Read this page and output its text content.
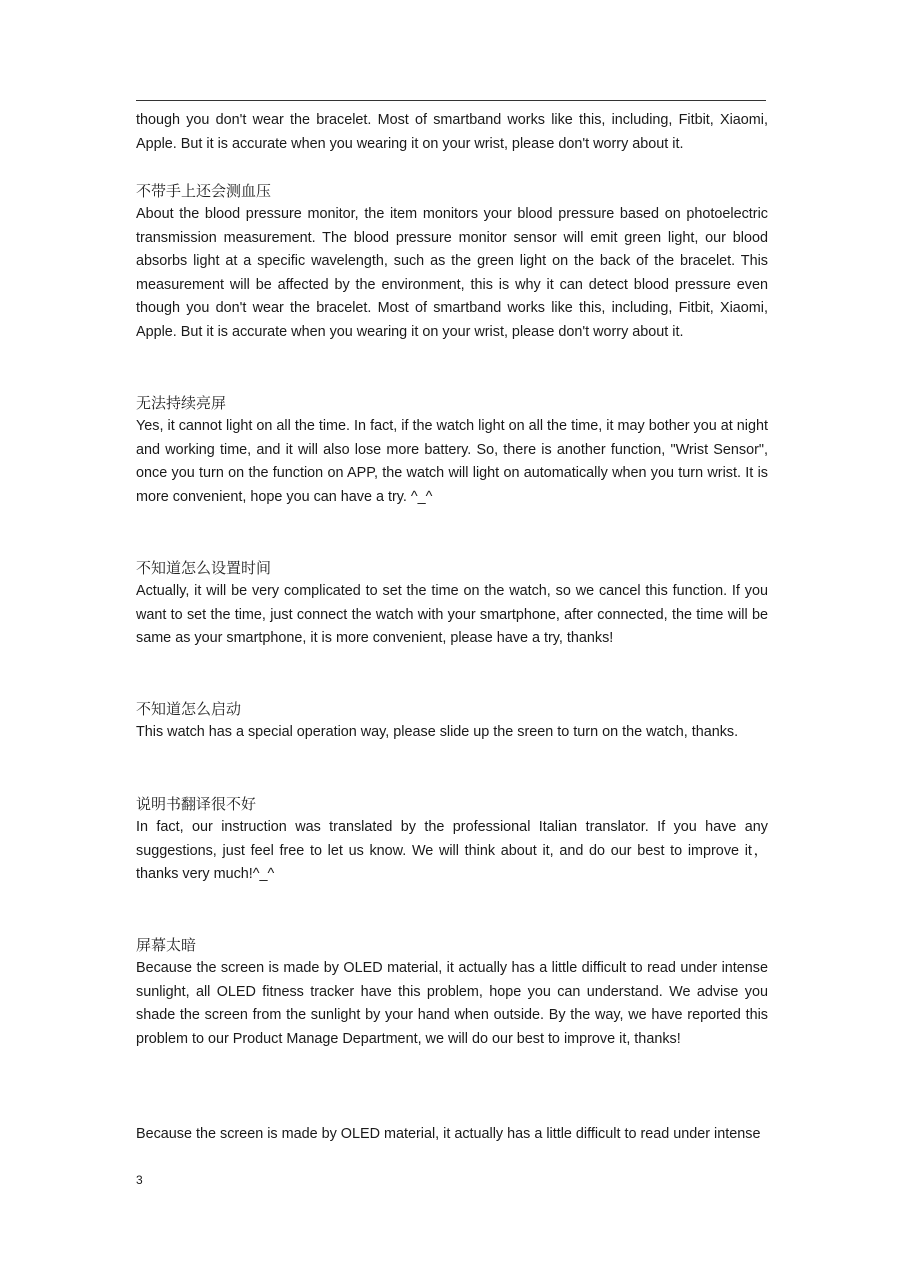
though you don't wear the bracelet. Most of smartband works like this, including, Fitbit, Xiaomi, Apple. But it is accurate when you wearing it on your wrist, please don't worry about it.

不带手上还会测血压

About the blood pressure monitor, the item monitors your blood pressure based on photoelectric transmission measurement. The blood pressure monitor sensor will emit green light, our blood absorbs light at a specific wavelength, such as the green light on the back of the bracelet. This measurement will be affected by the environment, this is why it can detect blood pressure even though you don't wear the bracelet. Most of smartband works like this, including, Fitbit, Xiaomi, Apple. But it is accurate when you wearing it on your wrist, please don't worry about it.

无法持续亮屏

Yes, it cannot light on all the time. In fact, if the watch light on all the time, it may bother you at night and working time, and it will also lose more battery. So, there is another function, "Wrist Sensor", once you turn on the function on APP, the watch will light on automatically when you turn wrist. It is more convenient, hope you can have a try. ^_^

不知道怎么设置时间

Actually, it will be very complicated to set the time on the watch, so we cancel this function. If you want to set the time, just connect the watch with your smartphone, after connected, the time will be same as your smartphone, it is more convenient, please have a try, thanks!

不知道怎么启动

This watch has a special operation way, please slide up the sreen to turn on the watch, thanks.

说明书翻译很不好

In fact, our instruction was translated by the professional Italian translator. If you have any suggestions, just feel free to let us know. We will think about it, and do our best to improve it，thanks very much!^_^

屏幕太暗

Because the screen is made by OLED material, it actually has a little difficult to read under intense sunlight, all OLED fitness tracker have this problem, hope you can understand. We advise you shade the screen from the sunlight by your hand when outside. By the way, we have reported this problem to our Product Manage Department, we will do our best to improve it, thanks!

Because the screen is made by OLED material, it actually has a little difficult to read under intense

3
